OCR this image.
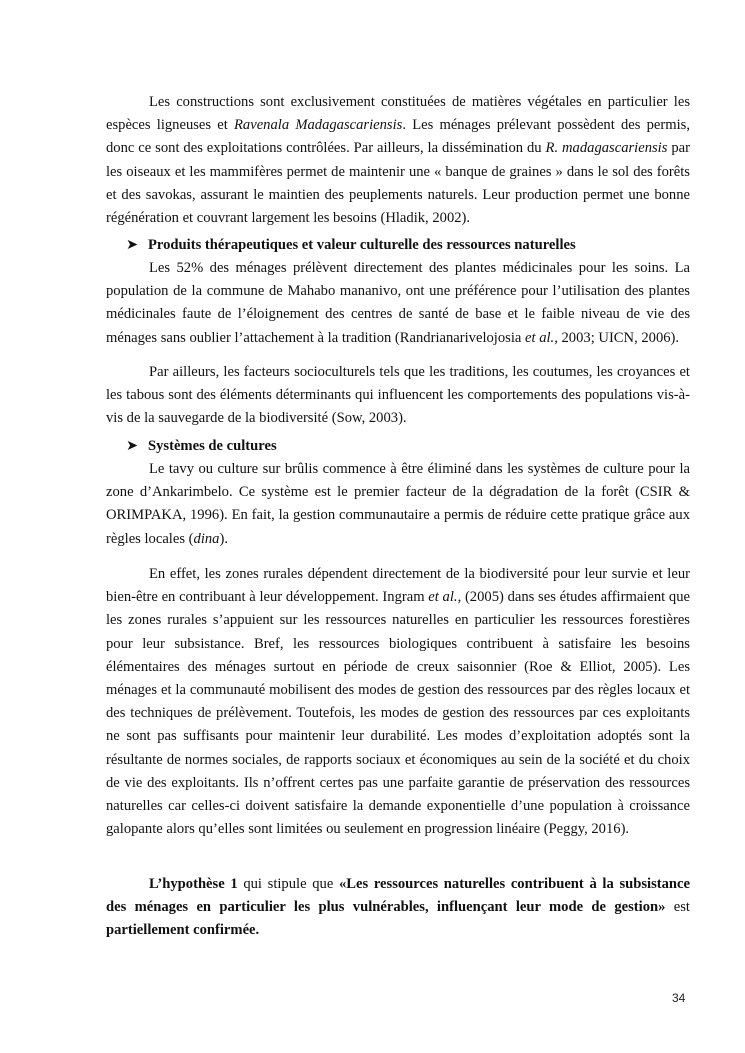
Les constructions sont exclusivement constituées de matières végétales en particulier les espèces ligneuses et Ravenala Madagascariensis. Les ménages prélevant possèdent des permis, donc ce sont des exploitations contrôlées. Par ailleurs, la dissémination du R. madagascariensis par les oiseaux et les mammifères permet de maintenir une « banque de graines » dans le sol des forêts et des savokas, assurant le maintien des peuplements naturels. Leur production permet une bonne régénération et couvrant largement les besoins (Hladik, 2002).
➤ Produits thérapeutiques et valeur culturelle des ressources naturelles
Les 52% des ménages prélèvent directement des plantes médicinales pour les soins. La population de la commune de Mahabo mananivo, ont une préférence pour l’utilisation des plantes médicinales faute de l’éloignement des centres de santé de base et le faible niveau de vie des ménages sans oublier l’attachement à la tradition (Randrianarivelojosia et al., 2003; UICN, 2006).
Par ailleurs, les facteurs socioculturels tels que les traditions, les coutumes, les croyances et les tabous sont des éléments déterminants qui influencent les comportements des populations vis-à-vis de la sauvegarde de la biodiversité (Sow, 2003).
➤ Systèmes de cultures
Le tavy ou culture sur brûlis commence à être éliminé dans les systèmes de culture pour la zone d’Ankarimbelo. Ce système est le premier facteur de la dégradation de la forêt (CSIR & ORIMPAKA, 1996). En fait, la gestion communautaire a permis de réduire cette pratique grâce aux règles locales (dina).
En effet, les zones rurales dépendent directement de la biodiversité pour leur survie et leur bien-être en contribuant à leur développement. Ingram et al., (2005) dans ses études affirmaient que les zones rurales s’appuient sur les ressources naturelles en particulier les ressources forestières pour leur subsistance. Bref, les ressources biologiques contribuent à satisfaire les besoins élémentaires des ménages surtout en période de creux saisonnier (Roe & Elliot, 2005). Les ménages et la communauté mobilisent des modes de gestion des ressources par des règles locaux et des techniques de prélèvement. Toutefois, les modes de gestion des ressources par ces exploitants ne sont pas suffisants pour maintenir leur durabilité. Les modes d’exploitation adoptés sont la résultante de normes sociales, de rapports sociaux et économiques au sein de la société et du choix de vie des exploitants. Ils n’offrent certes pas une parfaite garantie de préservation des ressources naturelles car celles-ci doivent satisfaire la demande exponentielle d’une population à croissance galopante alors qu’elles sont limitées ou seulement en progression linéaire (Peggy, 2016).
L’hypothèse 1 qui stipule que «Les ressources naturelles contribuent à la subsistance des ménages en particulier les plus vulnérables, influençant leur mode de gestion» est partiellement confirmée.
34
